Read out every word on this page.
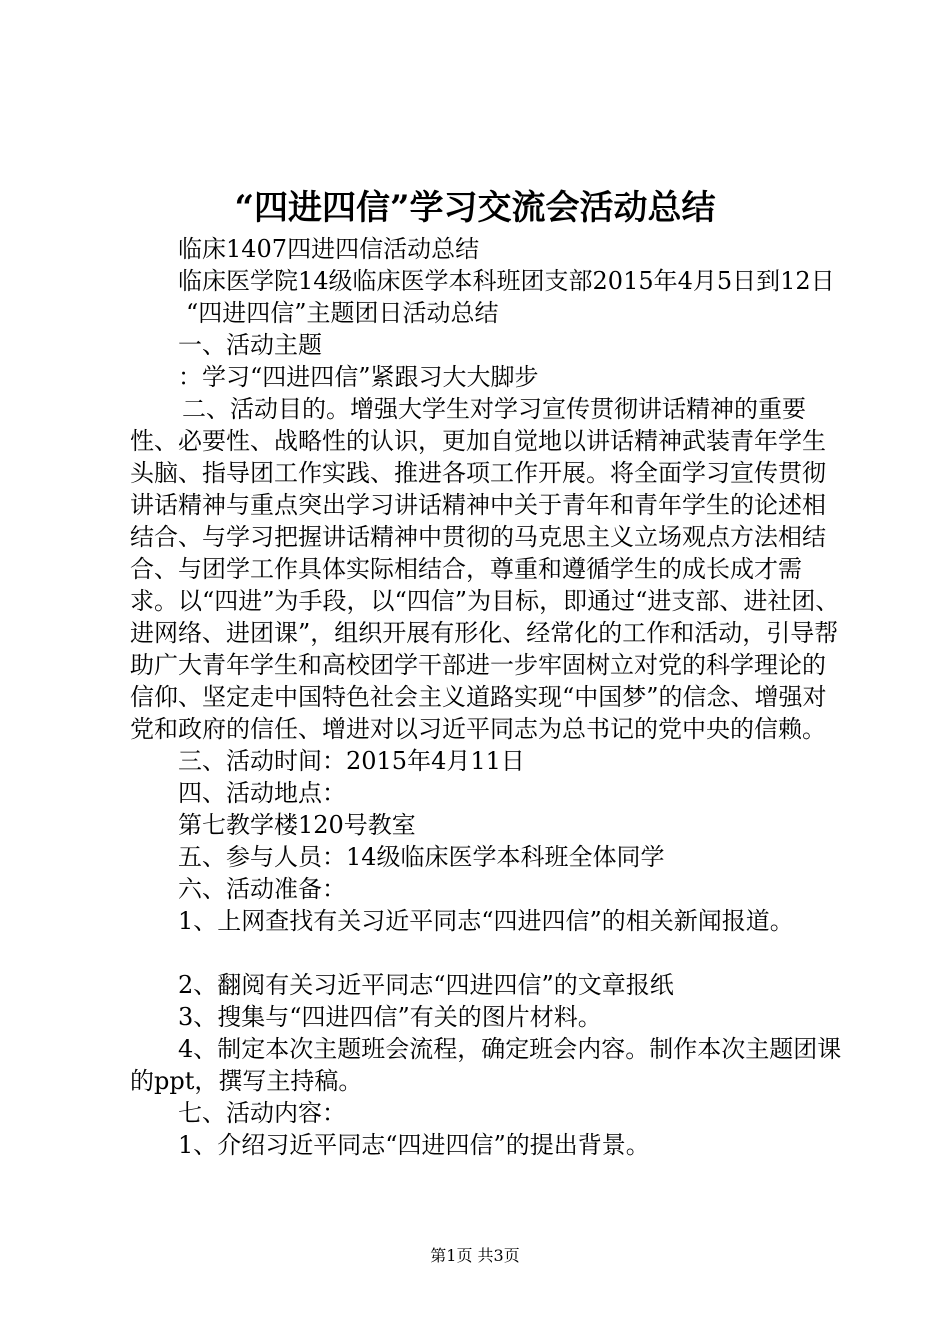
“四进四信”学习交流会活动总结

临床1407四进四信活动总结

临床医学院14级临床医学本科班团支部2015年4月5日到12日

“四进四信”主题团日活动总结

一、活动主题

：学习“四进四信”紧跟习大大脚步

二、活动目的。增强大学生对学习宣传贯彻讲话精神的重要性、必要性、战略性的认识，更加自觉地以讲话精神武装青年学生头脑、指导团工作实践、推进各项工作开展。将全面学习宣传贯彻讲话精神与重点突出学习讲话精神中关于青年和青年学生的论述相结合、与学习把握讲话精神中贯彻的马克思主义立场观点方法相结合、与团学工作具体实际相结合，尊重和遵循学生的成长成才需求。以“四进”为手段，以“四信”为目标，即通过“进支部、进社团、进网络、进团课”，组织开展有形化、经常化的工作和活动，引导帮助广大青年学生和高校团学干部进一步牢固树立对党的科学理论的信仰、坚定走中国特色社会主义道路实现“中国梦”的信念、增强对党和政府的信任、增进对以习近平同志为总书记的党中央的信赖。

三、活动时间：2015年4月11日

四、活动地点：

第七教学楼120号教室

五、参与人员：14级临床医学本科班全体同学

六、活动准备：

1、上网查找有关习近平同志“四进四信”的相关新闻报道。

2、翻阅有关习近平同志“四进四信”的文章报纸

3、搜集与“四进四信”有关的图片材料。

4、制定本次主题班会流程，确定班会内容。制作本次主题团课的ppt，撰写主持稿。

七、活动内容：

1、介绍习近平同志“四进四信”的提出背景。

第1页 共3页
